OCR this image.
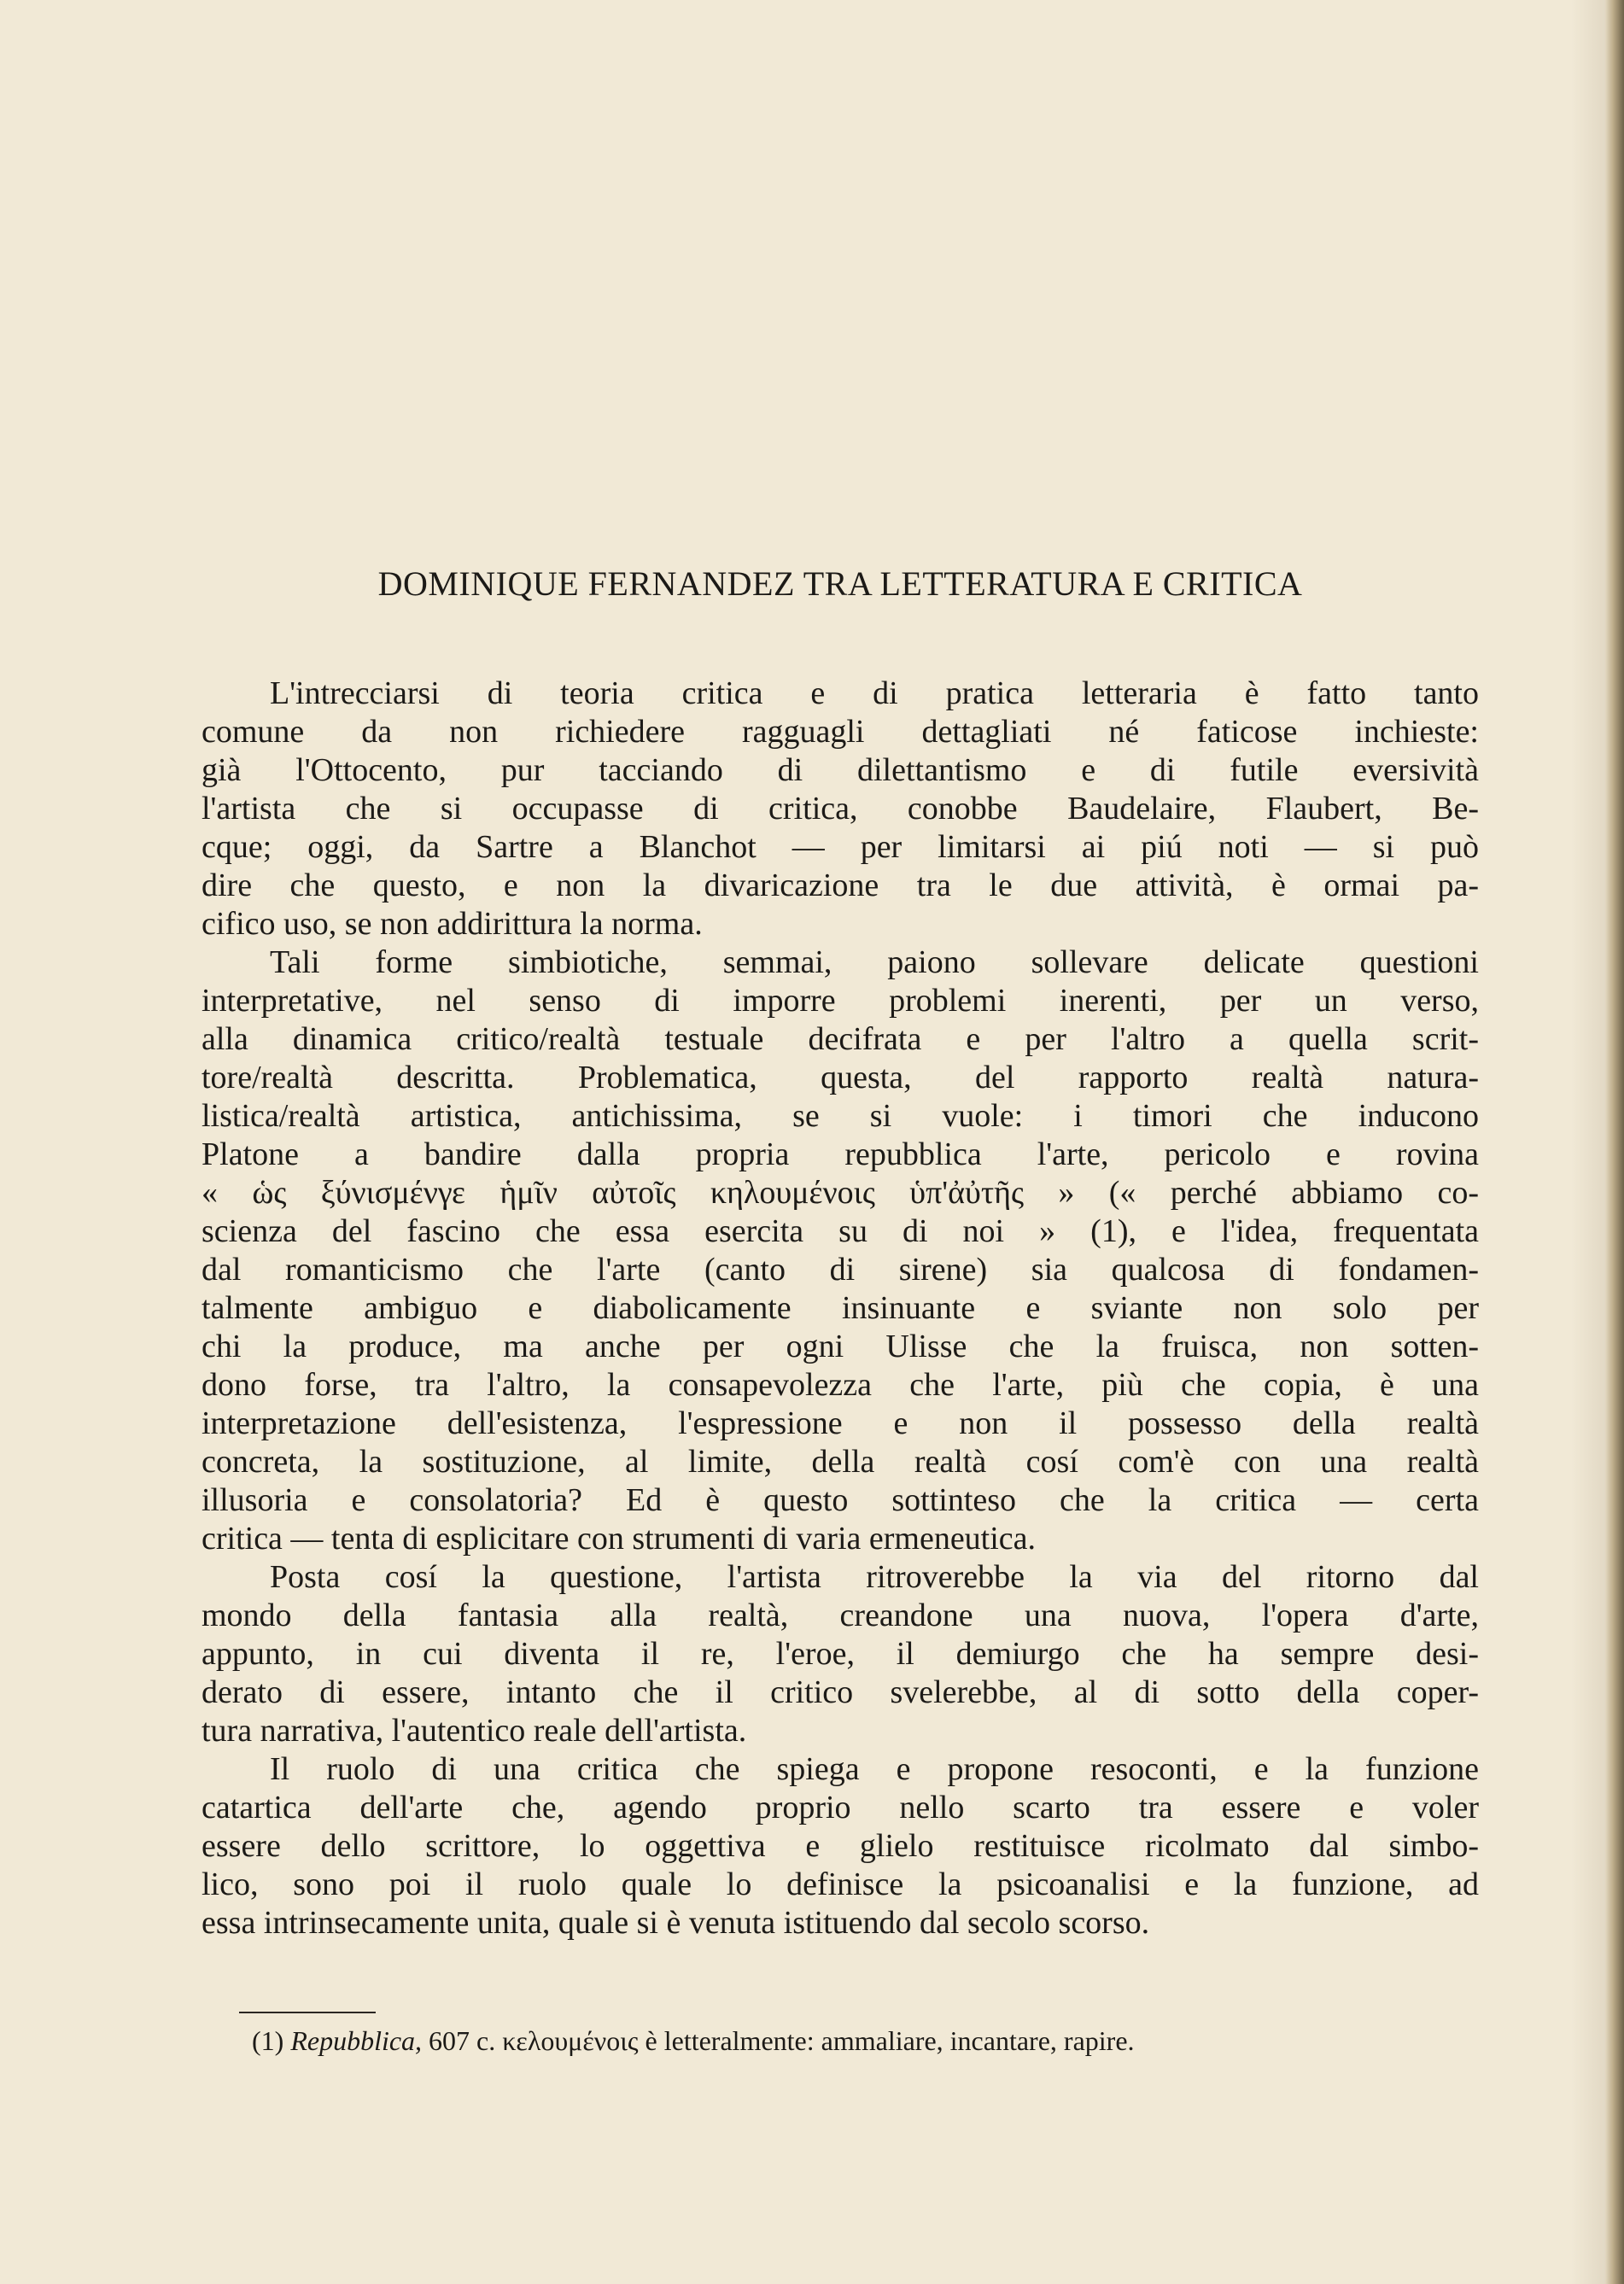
DOMINIQUE FERNANDEZ TRA LETTERATURA E CRITICA
L'intrecciarsi di teoria critica e di pratica letteraria è fatto tanto
comune da non richiedere ragguagli dettagliati né faticose inchieste:
già l'Ottocento, pur tacciando di dilettantismo e di futile eversività
l'artista che si occupasse di critica, conobbe Baudelaire, Flaubert, Be-
cque; oggi, da Sartre a Blanchot — per limitarsi ai piú noti — si può
dire che questo, e non la divaricazione tra le due attività, è ormai pa-
cifico uso, se non addirittura la norma.
Tali forme simbiotiche, semmai, paiono sollevare delicate questioni
interpretative, nel senso di imporre problemi inerenti, per un verso,
alla dinamica critico/realtà testuale decifrata e per l'altro a quella scrit-
tore/realtà descritta. Problematica, questa, del rapporto realtà natura-
listica/realtà artistica, antichissima, se si vuole: i timori che inducono
Platone a bandire dalla propria repubblica l'arte, pericolo e rovina
« ὡς ξύνισμένγε ἡμῖν αὐτοῖς κηλουμένοις ὑπ'ἀὐτῆς » (« perché abbiamo co-
scienza del fascino che essa esercita su di noi » (1), e l'idea, frequentata
dal romanticismo che l'arte (canto di sirene) sia qualcosa di fondamen-
talmente ambiguo e diabolicamente insinuante e sviante non solo per
chi la produce, ma anche per ogni Ulisse che la fruisca, non sotten-
dono forse, tra l'altro, la consapevolezza che l'arte, più che copia, è una
interpretazione dell'esistenza, l'espressione e non il possesso della realtà
concreta, la sostituzione, al limite, della realtà cosí com'è con una realtà
illusoria e consolatoria? Ed è questo sottinteso che la critica — certa
critica — tenta di esplicitare con strumenti di varia ermeneutica.
Posta cosí la questione, l'artista ritroverebbe la via del ritorno dal
mondo della fantasia alla realtà, creandone una nuova, l'opera d'arte,
appunto, in cui diventa il re, l'eroe, il demiurgo che ha sempre desi-
derato di essere, intanto che il critico svelerebbe, al di sotto della coper-
tura narrativa, l'autentico reale dell'artista.
Il ruolo di una critica che spiega e propone resoconti, e la funzione
catartica dell'arte che, agendo proprio nello scarto tra essere e voler
essere dello scrittore, lo oggettiva e glielo restituisce ricolmato dal simbo-
lico, sono poi il ruolo quale lo definisce la psicoanalisi e la funzione, ad
essa intrinsecamente unita, quale si è venuta istituendo dal secolo scorso.
(1) Repubblica, 607 c. κελουμένοις è letteralmente: ammaliare, incantare, rapire.
